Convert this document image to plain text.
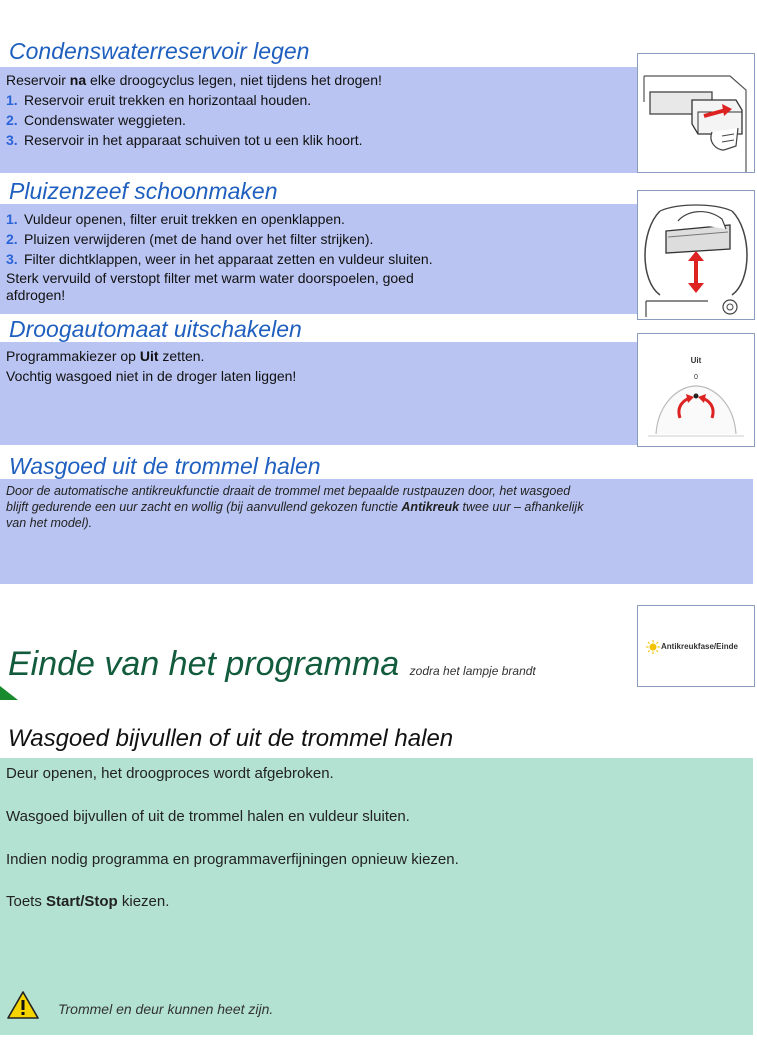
Condenswaterreservoir legen
Reservoir na elke droogcyclus legen, niet tijdens het drogen!
1. Reservoir eruit trekken en horizontaal houden.
2. Condenswater weggieten.
3. Reservoir in het apparaat schuiven tot u een klik hoort.
Pluizenzeef schoonmaken
1. Vuldeur openen, filter eruit trekken en openklappen.
2. Pluizen verwijderen (met de hand over het filter strijken).
3. Filter dichtklappen, weer in het apparaat zetten en vuldeur sluiten.
Sterk vervuild of verstopt filter met warm water doorspoelen, goed
afdrogen!
Droogautomaat uitschakelen
Programmakiezer op Uit zetten.
Vochtig wasgoed niet in de droger laten liggen!
Uit
0
Wasgoed uit de trommel halen
Door de automatische antikreukfunctie draait de trommel met bepaalde rustpauzen door, het wasgoed
blijft gedurende een uur zacht en wollig (bij aanvullend gekozen functie Antikreuk twee uur – afhankelijk
van het model).
Antikreukfase/Einde
Einde van het programma zodra het lampje brandt
Wasgoed bijvullen of uit de trommel halen
Deur openen, het droogproces wordt afgebroken.
Wasgoed bijvullen of uit de trommel halen en vuldeur sluiten.
Indien nodig programma en programmaverfijningen opnieuw kiezen.
Toets Start/Stop kiezen.
Trommel en deur kunnen heet zijn.
